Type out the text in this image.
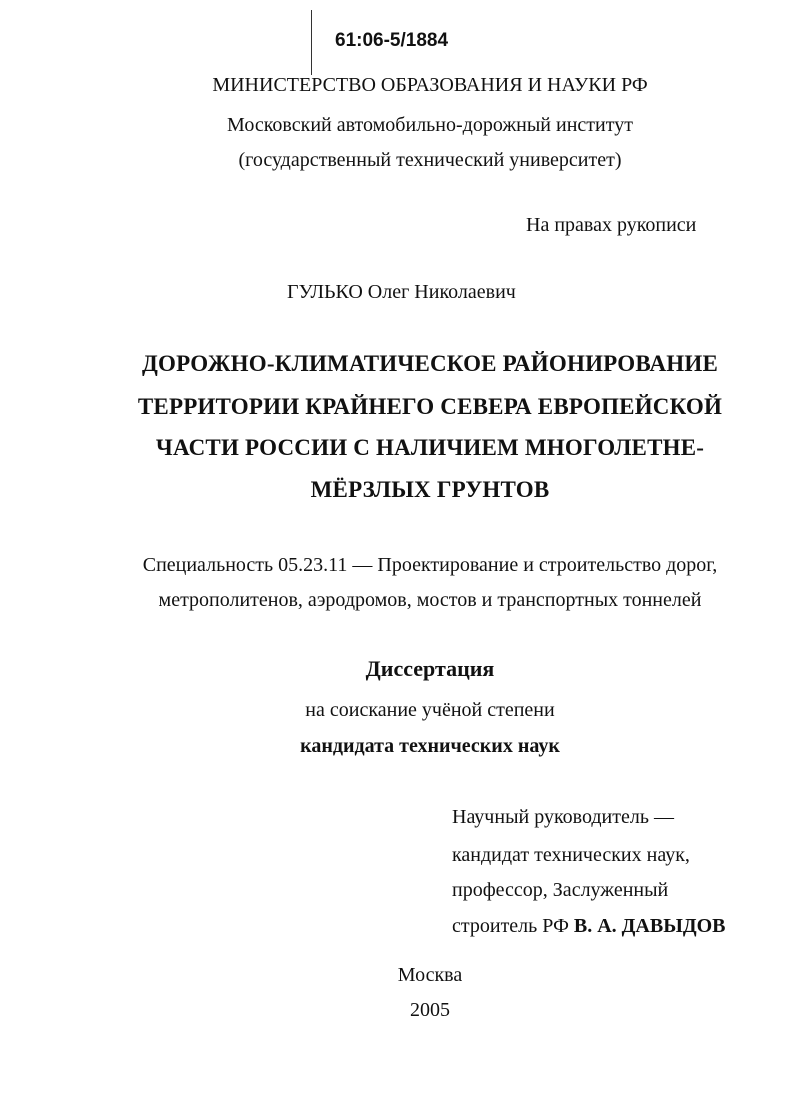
61:06-5/1884
МИНИСТЕРСТВО ОБРАЗОВАНИЯ И НАУКИ РФ
Московский автомобильно-дорожный институт
(государственный технический университет)
На правах рукописи
ГУЛЬКО Олег Николаевич
ДОРОЖНО-КЛИМАТИЧЕСКОЕ РАЙОНИРОВАНИЕ
ТЕРРИТОРИИ КРАЙНЕГО СЕВЕРА ЕВРОПЕЙСКОЙ
ЧАСТИ РОССИИ С НАЛИЧИЕМ МНОГОЛЕТНЕ-
МЁРЗЛЫХ ГРУНТОВ
Специальность 05.23.11 — Проектирование и строительство дорог,
метрополитенов, аэродромов, мостов и транспортных тоннелей
Диссертация
на соискание учёной степени
кандидата технических наук
Научный руководитель —
кандидат технических наук,
профессор, Заслуженный
строитель РФ В. А. ДАВЫДОВ
Москва
2005
